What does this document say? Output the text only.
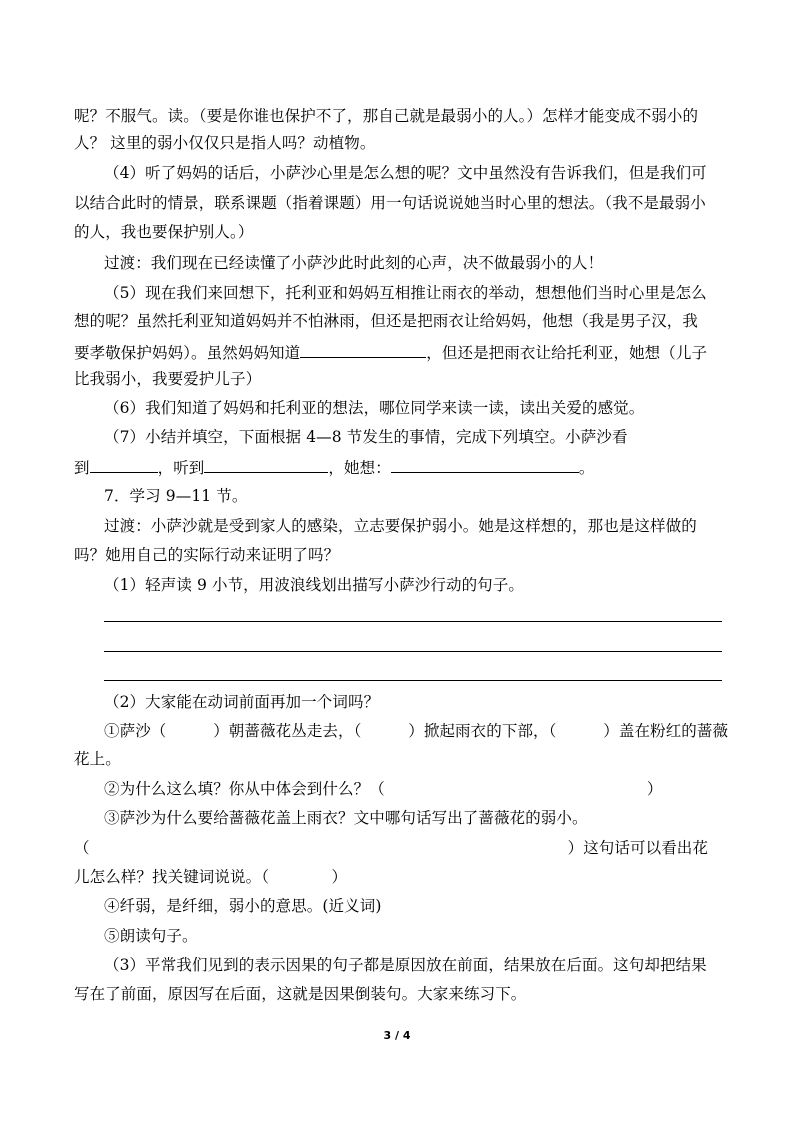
呢？不服气。读。（要是你谁也保护不了，那自己就是最弱小的人。）怎样才能变成不弱小的
人？ 这里的弱小仅仅只是指人吗？动植物。
（4）听了妈妈的话后，小萨沙心里是怎么想的呢？文中虽然没有告诉我们，但是我们可
以结合此时的情景，联系课题（指着课题）用一句话说说她当时心里的想法。（我不是最弱小
的人，我也要保护别人。）
过渡：我们现在已经读懂了小萨沙此时此刻的心声，决不做最弱小的人！
（5）现在我们来回想下，托利亚和妈妈互相推让雨衣的举动，想想他们当时心里是怎么
想的呢？虽然托利亚知道妈妈并不怕淋雨，但还是把雨衣让给妈妈，他想（我是男子汉，我
要孝敬保护妈妈）。虽然妈妈知道	，但还是把雨衣让给托利亚，她想（儿子
比我弱小，我要爱护儿子）
（6）我们知道了妈妈和托利亚的想法，哪位同学来读一读，读出关爱的感觉。
（7）小结并填空，下面根据 4—8 节发生的事情，完成下列填空。小萨沙看
到	，听到	，她想：	。
7．学习 9—11 节。
过渡：小萨沙就是受到家人的感染，立志要保护弱小。她是这样想的，那也是这样做的
吗？她用自己的实际行动来证明了吗？
（1）轻声读 9 小节，用波浪线划出描写小萨沙行动的句子。
（2）大家能在动词前面再加一个词吗？
①萨沙（　　　）朝蔷薇花丛走去，（　　　）掀起雨衣的下部，（　　　）盖在粉红的蔷薇
花上。
②为什么这么填？你从中体会到什么？（	）
③萨沙为什么要给蔷薇花盖上雨衣？文中哪句话写出了蔷薇花的弱小。
（	）这句话可以看出花
儿怎么样？找关键词说说。（　　　　）
④纤弱，是纤细，弱小的意思。(近义词)
⑤朗读句子。
（3）平常我们见到的表示因果的句子都是原因放在前面，结果放在后面。这句却把结果
写在了前面，原因写在后面，这就是因果倒装句。大家来练习下。
3 / 4
